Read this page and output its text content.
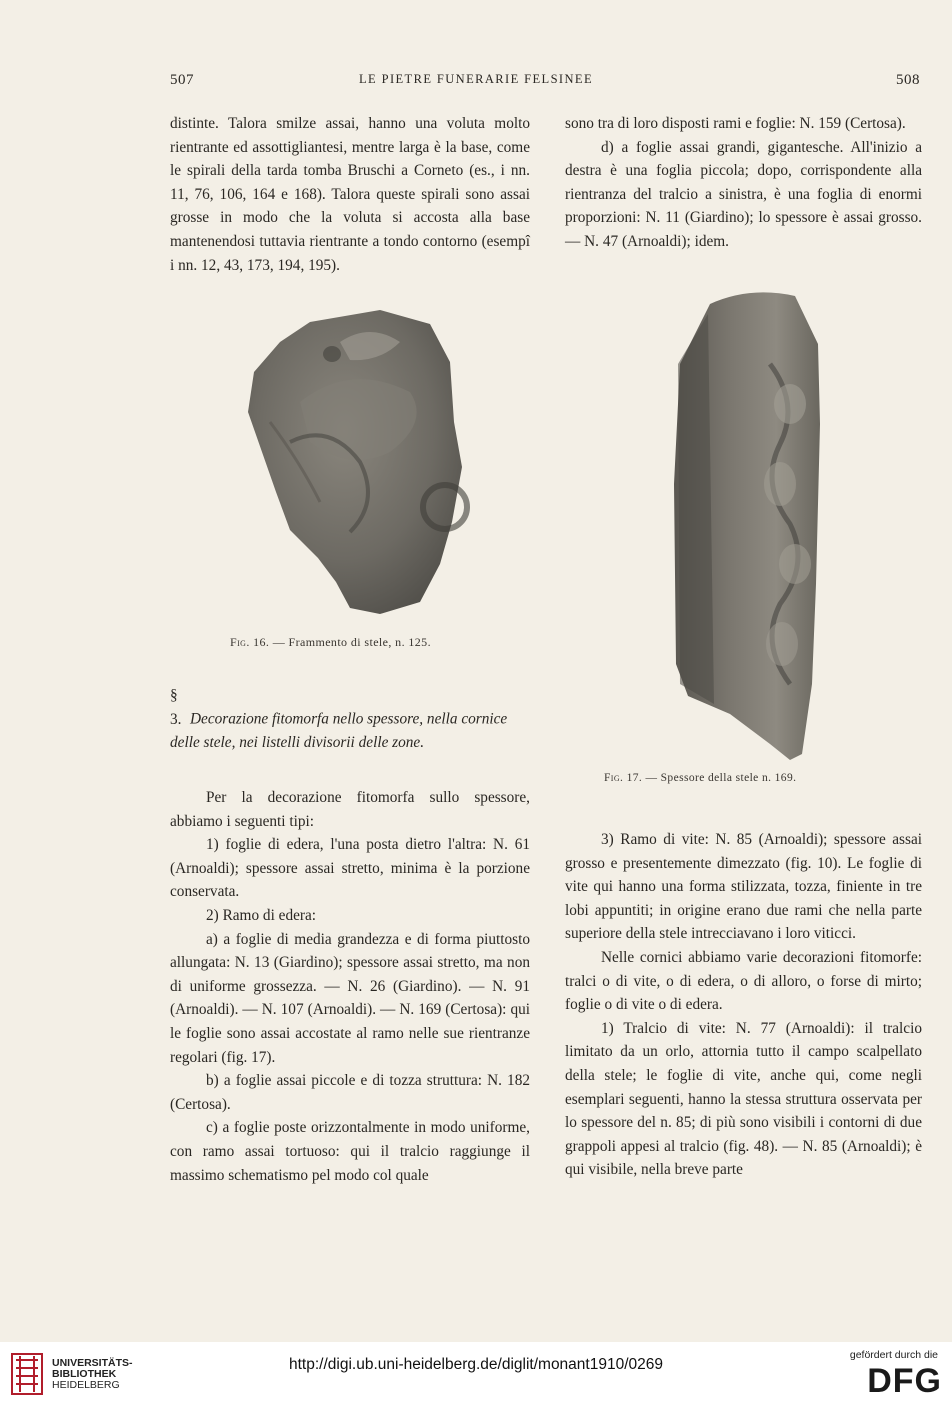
507	LE PIETRE FUNERARIE FELSINEE	508

distinte. Talora smilze assai, hanno una voluta molto rientrante ed assottigliantesi, mentre larga è la base, come le spirali della tarda tomba Bruschi a Corneto (es., i nn. 11, 76, 106, 164 e 168). Talora queste spirali sono assai grosse in modo che la voluta si accosta alla base mantenendosi tuttavia rientrante a tondo contorno (esempî i nn. 12, 43, 173, 194, 195).

sono tra di loro disposti rami e foglie: N. 159 (Certosa).

d) a foglie assai grandi, gigantesche. All'inizio a destra è una foglia piccola; dopo, corrispondente alla rientranza del tralcio a sinistra, è una foglia di enormi proporzioni: N. 11 (Giardino); lo spessore è assai grosso. — N. 47 (Arnoaldi); idem.

Fig. 16. — Frammento di stele, n. 125.
Fig. 17. — Spessore della stele n. 169.
§ 3. Decorazione fitomorfa nello spessore, nella cornice delle stele, nei listelli divisorii delle zone.

Per la decorazione fitomorfa sullo spessore, abbiamo i seguenti tipi:

1) foglie di edera, l'una posta dietro l'altra: N. 61 (Arnoaldi); spessore assai stretto, minima è la porzione conservata.

2) Ramo di edera:

a) a foglie di media grandezza e di forma piuttosto allungata: N. 13 (Giardino); spessore assai stretto, ma non di uniforme grossezza. — N. 26 (Giardino). — N. 91 (Arnoaldi). — N. 107 (Arnoaldi). — N. 169 (Certosa): qui le foglie sono assai accostate al ramo nelle sue rientranze regolari (fig. 17).

b) a foglie assai piccole e di tozza struttura: N. 182 (Certosa).

c) a foglie poste orizzontalmente in modo uniforme, con ramo assai tortuoso: qui il tralcio raggiunge il massimo schematismo pel modo col quale

3) Ramo di vite: N. 85 (Arnoaldi); spessore assai grosso e presentemente dimezzato (fig. 10). Le foglie di vite qui hanno una forma stilizzata, tozza, finiente in tre lobi appuntiti; in origine erano due rami che nella parte superiore della stele intrecciavano i loro viticci.

Nelle cornici abbiamo varie decorazioni fitomorfe: tralci o di vite, o di edera, o di alloro, o forse di mirto; foglie o di vite o di edera.

1) Tralcio di vite: N. 77 (Arnoaldi): il tralcio limitato da un orlo, attornia tutto il campo scalpellato della stele; le foglie di vite, anche qui, come negli esemplari seguenti, hanno la stessa struttura osservata per lo spessore del n. 85; di più sono visibili i contorni di due grappoli appesi al tralcio (fig. 48). — N. 85 (Arnoaldi); è qui visibile, nella breve parte

UNIVERSITÄTS-
BIBLIOTHEK
HEIDELBERG
http://digi.ub.uni-heidelberg.de/diglit/monant1910/0269
gefördert durch die
DFG
